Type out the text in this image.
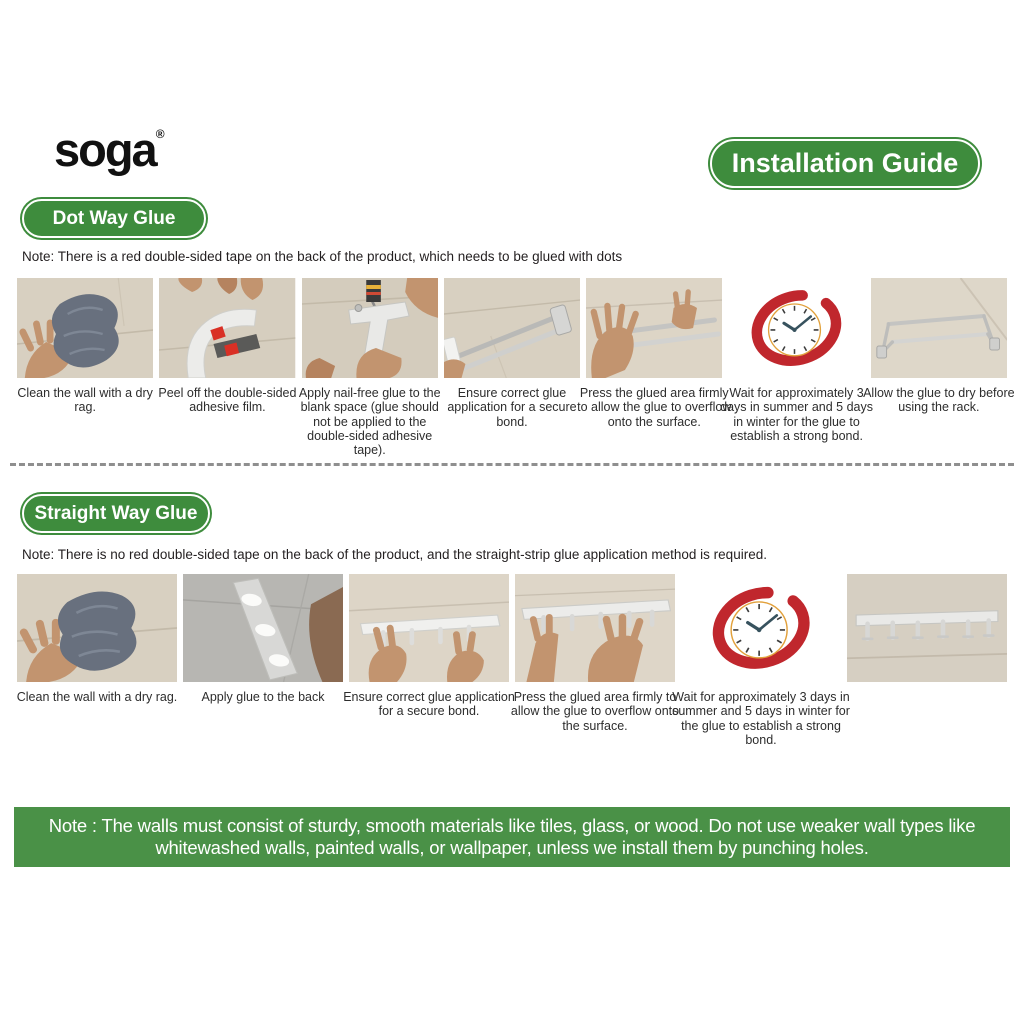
soga®
Installation Guide
Dot Way Glue
Note: There is a red double-sided tape on the back of the product, which needs to be glued with dots
Clean the wall with a dry rag.
Peel off the double-sided adhesive film.
Apply nail-free glue to the blank space (glue should not be applied to the double-sided adhesive tape).
Ensure correct glue application for a secure bond.
Press the glued area firmly to allow the glue to overflow onto the surface.
Wait for approximately 3 days in summer and 5 days in winter for the glue to establish a strong bond.
Allow the glue to dry before using the rack.
Straight Way Glue
Note: There is no red double-sided tape on the back of the product, and the straight-strip glue application method is required.
Clean the wall with a dry rag.	Apply glue to the back	Ensure correct glue application for a secure bond.
Press the glued area firmly to allow the glue to overflow onto the surface.
Wait for approximately 3 days in summer and 5 days in winter for the glue to establish a strong bond.
Note : The walls must consist of sturdy, smooth materials like tiles, glass, or wood. Do not use weaker wall types like whitewashed walls, painted walls, or wallpaper, unless we install them by punching holes.
